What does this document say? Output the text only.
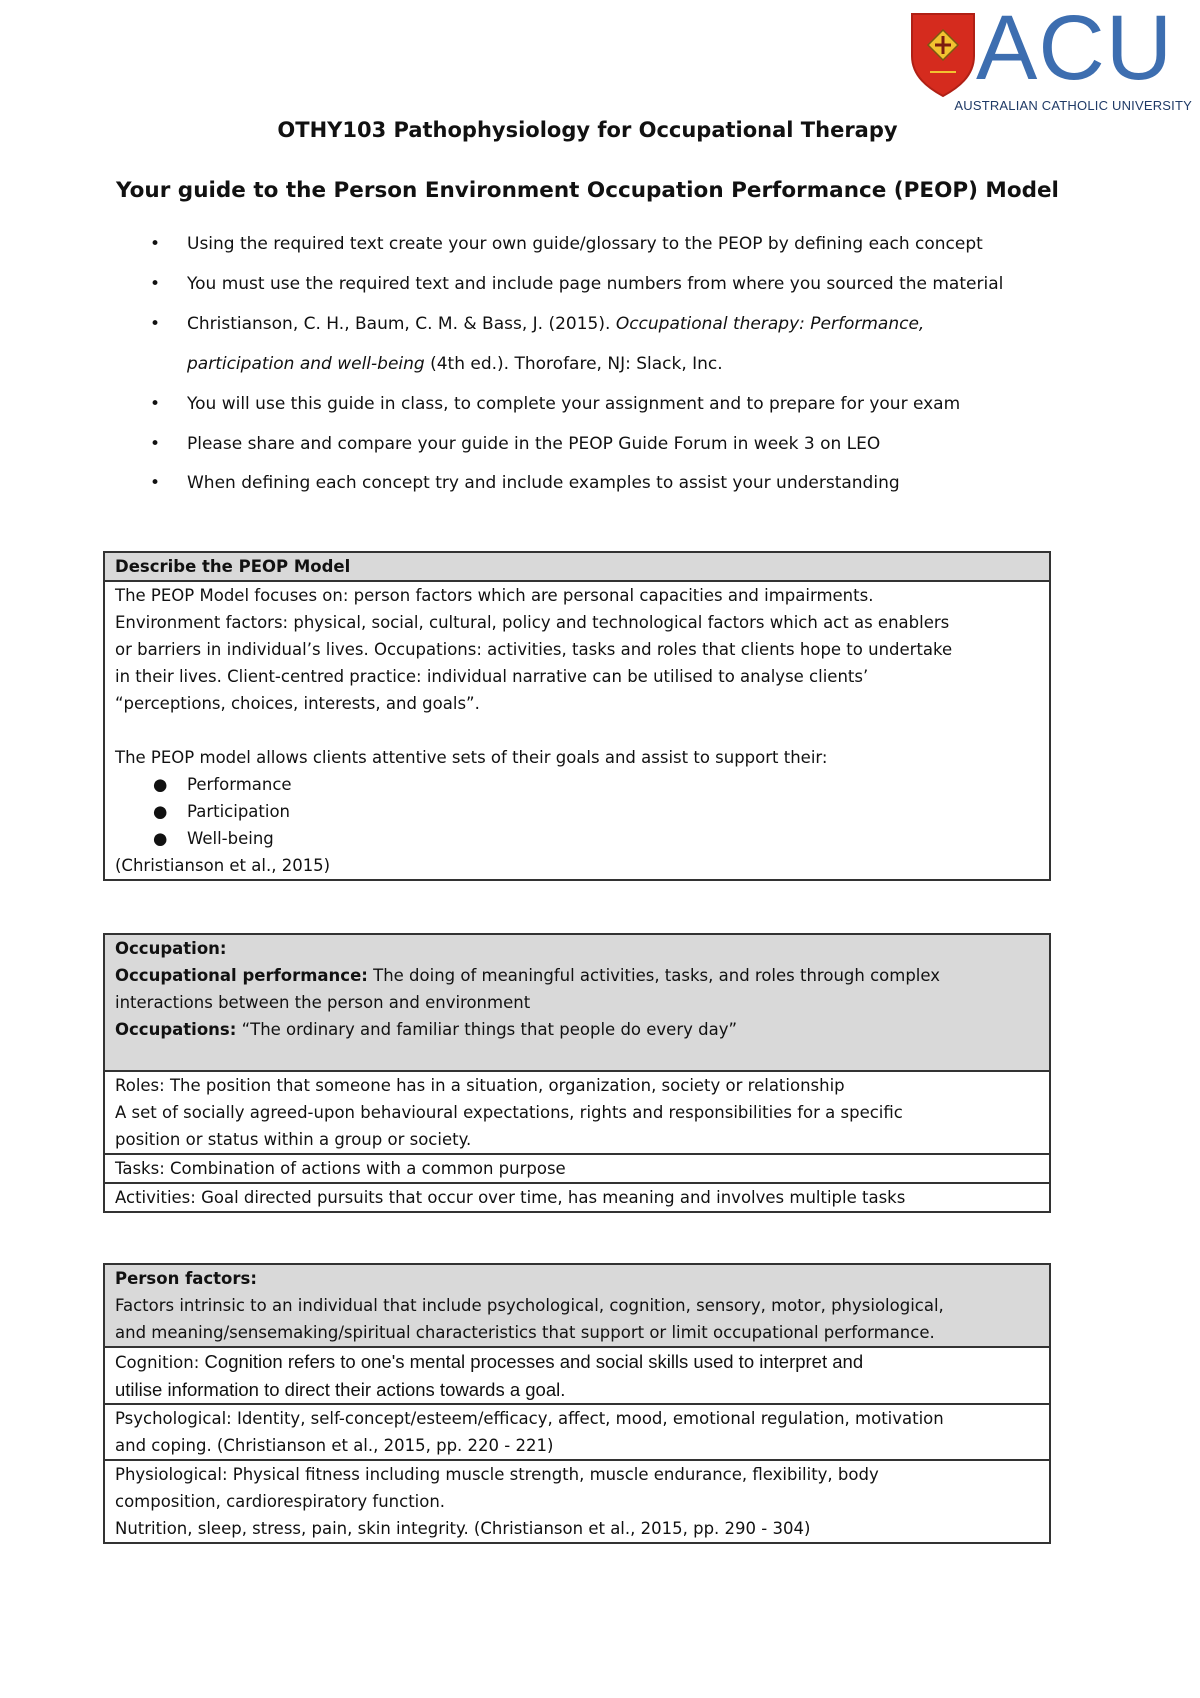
ACU
AUSTRALIAN CATHOLIC UNIVERSITY
OTHY103 Pathophysiology for Occupational Therapy
Your guide to the Person Environment Occupation Performance (PEOP) Model
• Using the required text create your own guide/glossary to the PEOP by defining each concept
• You must use the required text and include page numbers from where you sourced the material
• Christianson, C. H., Baum, C. M. & Bass, J. (2015). Occupational therapy: Performance,
participation and well-being (4th ed.). Thorofare, NJ: Slack, Inc.
• You will use this guide in class, to complete your assignment and to prepare for your exam
• Please share and compare your guide in the PEOP Guide Forum in week 3 on LEO
• When defining each concept try and include examples to assist your understanding
Describe the PEOP Model

The PEOP Model focuses on: person factors which are personal capacities and impairments.
Environment factors: physical, social, cultural, policy and technological factors which act as enablers
or barriers in individual’s lives. Occupations: activities, tasks and roles that clients hope to undertake
in their lives. Client-centred practice: individual narrative can be utilised to analyse clients’
“perceptions, choices, interests, and goals”.
The PEOP model allows clients attentive sets of their goals and assist to support their:
● Performance
● Participation
● Well-being
(Christianson et al., 2015)
Occupation:
Occupational performance: The doing of meaningful activities, tasks, and roles through complex
interactions between the person and environment
Occupations: “The ordinary and familiar things that people do every day”

Roles: The position that someone has in a situation, organization, society or relationship
A set of socially agreed-upon behavioural expectations, rights and responsibilities for a specific
position or status within a group or society.

Tasks: Combination of actions with a common purpose
Activities: Goal directed pursuits that occur over time, has meaning and involves multiple tasks
Person factors:
Factors intrinsic to an individual that include psychological, cognition, sensory, motor, physiological,
and meaning/sensemaking/spiritual characteristics that support or limit occupational performance.

Cognition: Cognition refers to one's mental processes and social skills used to interpret and
utilise information to direct their actions towards a goal.

Psychological: Identity, self-concept/esteem/efficacy, affect, mood, emotional regulation, motivation
and coping. (Christianson et al., 2015, pp. 220 - 221)

Physiological: Physical fitness including muscle strength, muscle endurance, flexibility, body
composition, cardiorespiratory function.
Nutrition, sleep, stress, pain, skin integrity. (Christianson et al., 2015, pp. 290 - 304)
